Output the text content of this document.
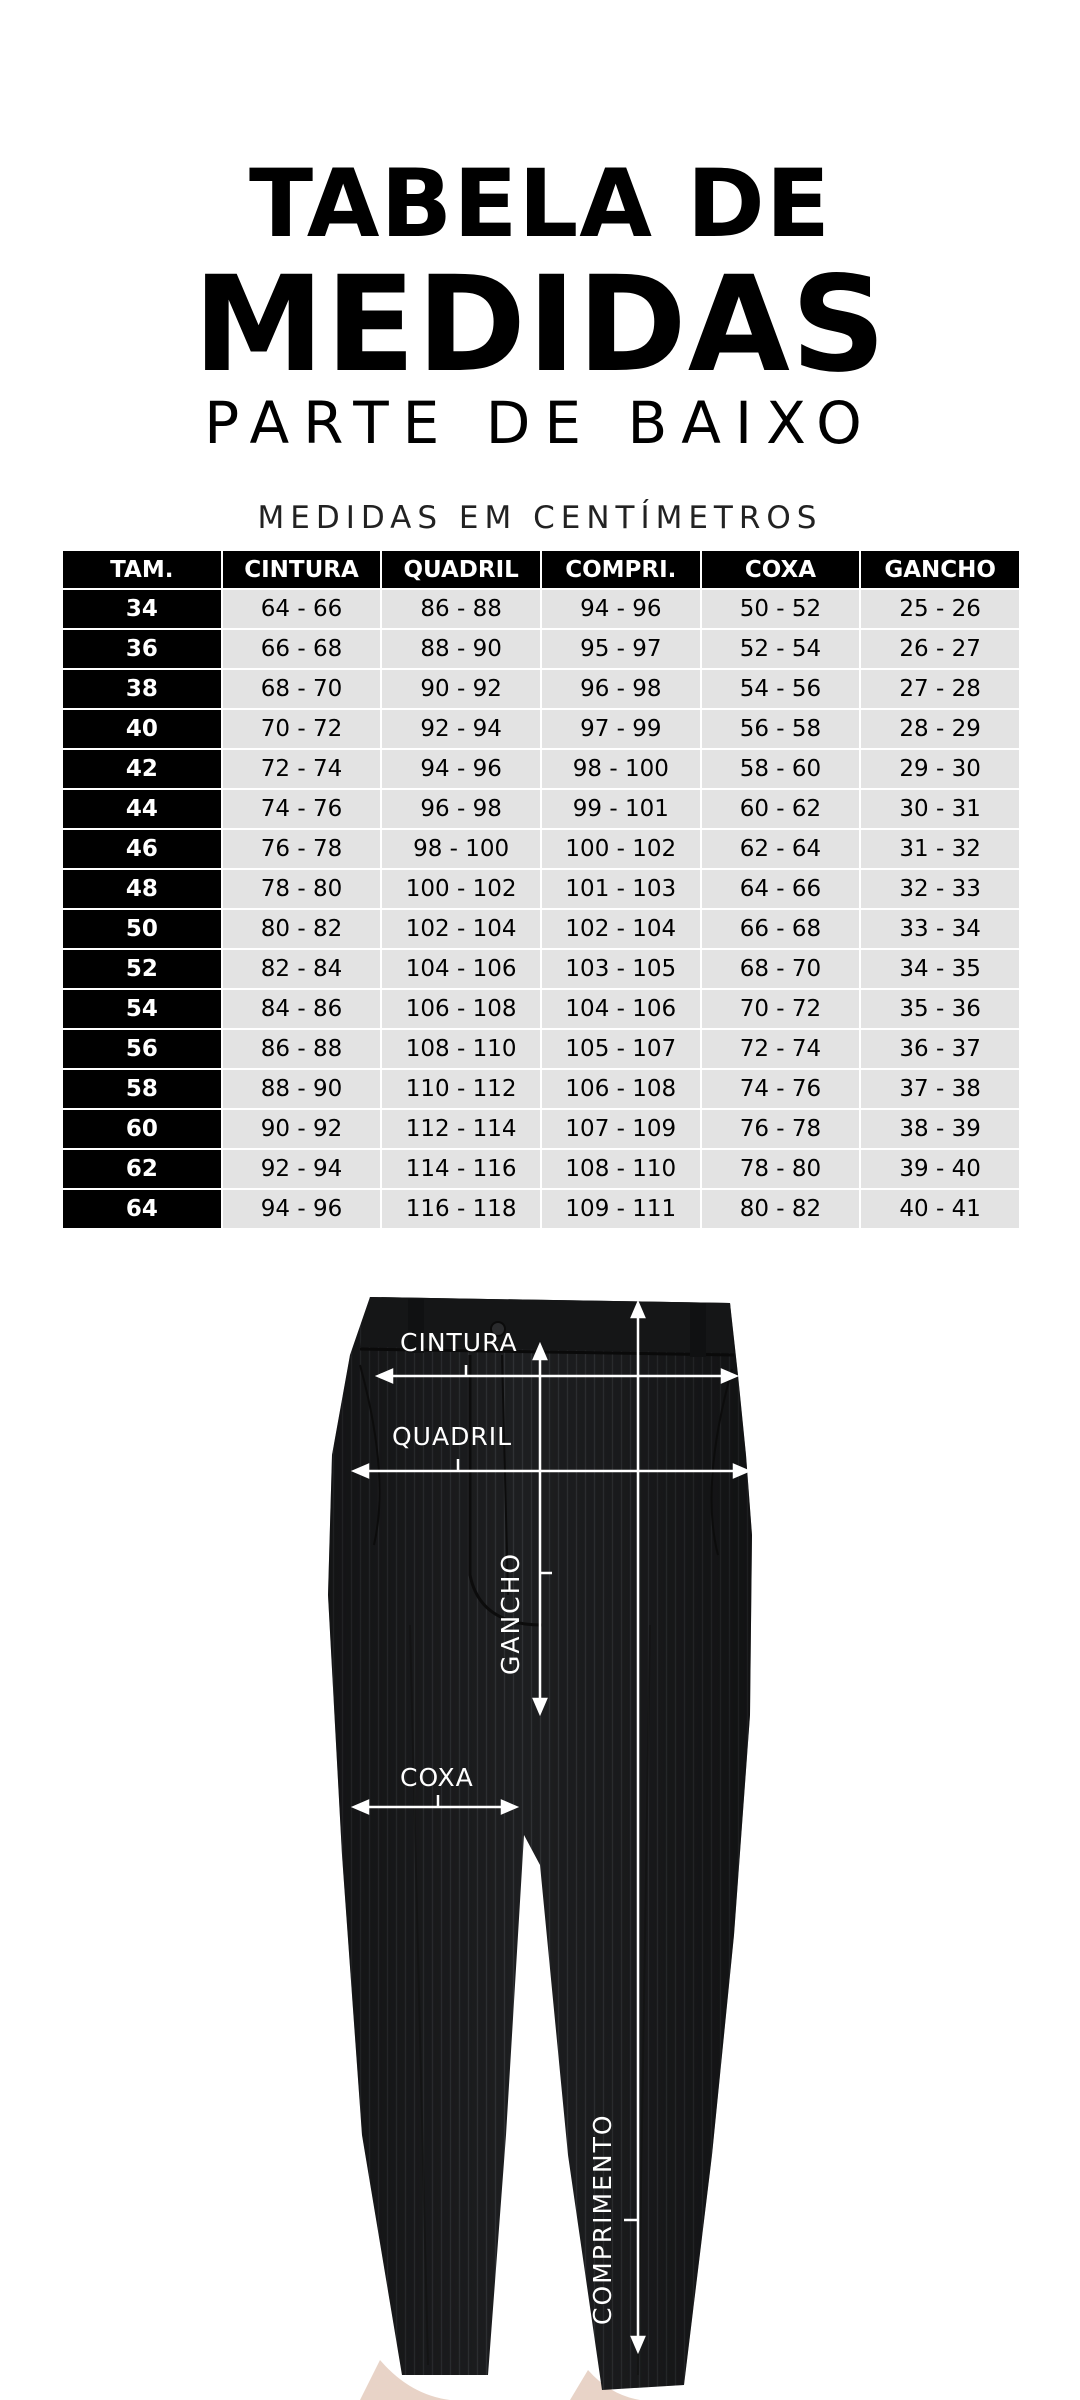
TABELA DE
MEDIDAS
PARTE DE BAIXO
MEDIDAS EM CENTÍMETROS
TAM.	CINTURA	QUADRIL	COMPRI.	COXA	GANCHO
34	64 - 66	86 - 88	94 - 96	50 - 52	25 - 26
36	66 - 68	88 - 90	95 - 97	52 - 54	26 - 27
38	68 - 70	90 - 92	96 - 98	54 - 56	27 - 28
40	70 - 72	92 - 94	97 - 99	56 - 58	28 - 29
42	72 - 74	94 - 96	98 - 100	58 - 60	29 - 30
44	74 - 76	96 - 98	99 - 101	60 - 62	30 - 31
46	76 - 78	98 - 100	100 - 102	62 - 64	31 - 32
48	78 - 80	100 - 102	101 - 103	64 - 66	32 - 33
50	80 - 82	102 - 104	102 - 104	66 - 68	33 - 34
52	82 - 84	104 - 106	103 - 105	68 - 70	34 - 35
54	84 - 86	106 - 108	104 - 106	70 - 72	35 - 36
56	86 - 88	108 - 110	105 - 107	72 - 74	36 - 37
58	88 - 90	110 - 112	106 - 108	74 - 76	37 - 38
60	90 - 92	112 - 114	107 - 109	76 - 78	38 - 39
62	92 - 94	114 - 116	108 - 110	78 - 80	39 - 40
64	94 - 96	116 - 118	109 - 111	80 - 82	40 - 41
CINTURA
QUADRIL
GANCHO
COXA
COMPRIMENTO
